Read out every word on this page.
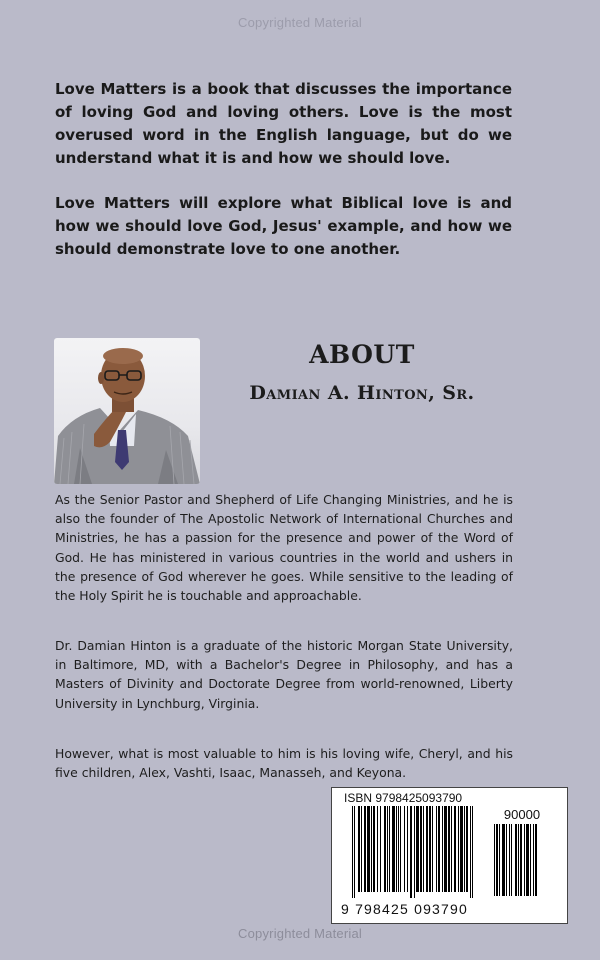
Copyrighted Material

Love Matters is a book that discusses the importance of loving God and loving others. Love is the most overused word in the English language, but do we understand what it is and how we should love.

Love Matters will explore what Biblical love is and how we should love God, Jesus' example, and how we should demonstrate love to one another.

ABOUT
Damian A. Hinton, Sr.

As the Senior Pastor and Shepherd of Life Changing Ministries, and he is also the founder of The Apostolic Network of International Churches and Ministries, he has a passion for the presence and power of the Word of God. He has ministered in various countries in the world and ushers in the presence of God wherever he goes. While sensitive to the leading of the Holy Spirit he is touchable and approachable.

Dr. Damian Hinton is a graduate of the historic Morgan State University, in Baltimore, MD, with a Bachelor's Degree in Philosophy, and has a Masters of Divinity and Doctorate Degree from world-renowned, Liberty University in Lynchburg, Virginia.

However, what is most valuable to him is his loving wife, Cheryl, and his five children, Alex, Vashti, Isaac, Manasseh, and Keyona.

ISBN 9798425093790
90000
9 798425 093790
Copyrighted Material
